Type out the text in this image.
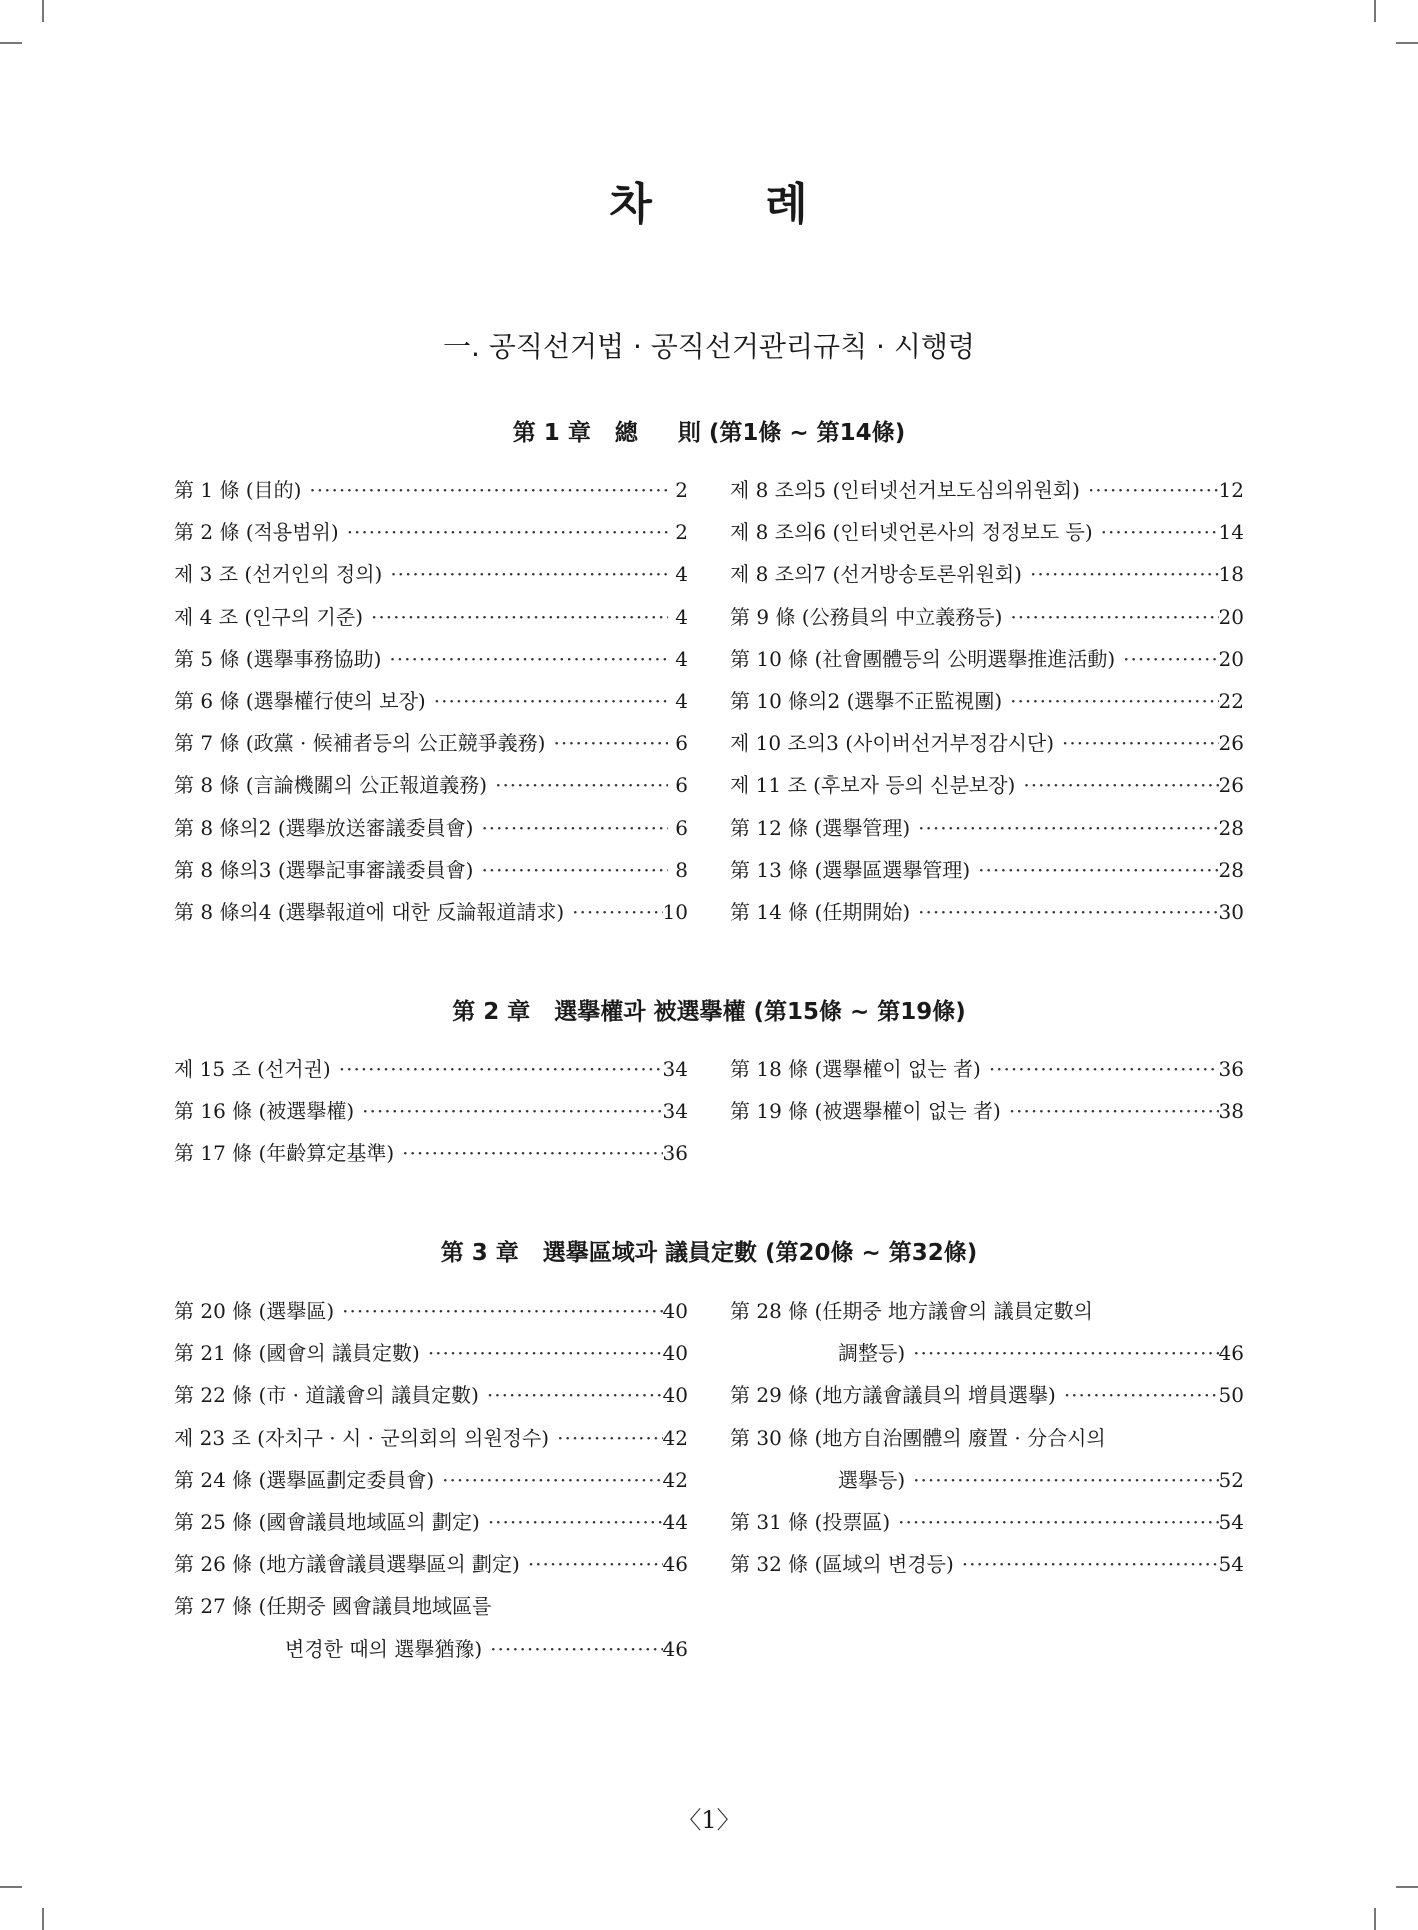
차 례
一. 공직선거법 · 공직선거관리규칙 · 시행령
第 1 章   總     則 (第1條 ~ 第14條)
第 1 條 (目的) ·····	2
第 2 條 (적용범위) ·····	2
제 3 조 (선거인의 정의) ·····	4
제 4 조 (인구의 기준) ·····	4
第 5 條 (選擧事務協助) ·····	4
第 6 條 (選擧權行使의 보장) ·····	4
第 7 條 (政黨 · 候補者등의 公正競爭義務) ·····	6
第 8 條 (言論機關의 公正報道義務) ·····	6
第 8 條의2 (選擧放送審議委員會) ·····	6
第 8 條의3 (選擧記事審議委員會) ·····	8
第 8 條의4 (選擧報道에 대한 反論報道請求) ·····	10
제 8 조의5 (인터넷선거보도심의위원회) ·····	12
제 8 조의6 (인터넷언론사의 정정보도 등) ·····	14
제 8 조의7 (선거방송토론위원회) ·····	18
第 9 條 (公務員의 中立義務등) ·····	20
第 10 條 (社會團體등의 公明選擧推進活動) ·····	20
第 10 條의2 (選擧不正監視團) ·····	22
제 10 조의3 (사이버선거부정감시단) ·····	26
제 11 조 (후보자 등의 신분보장) ·····	26
第 12 條 (選擧管理) ·····	28
第 13 條 (選擧區選擧管理) ·····	28
第 14 條 (任期開始) ·····	30
第 2 章   選擧權과 被選擧權 (第15條 ~ 第19條)
제 15 조 (선거권) ·····	34
第 16 條 (被選擧權) ·····	34
第 17 條 (年齡算定基準) ·····	36
第 18 條 (選擧權이 없는 者) ·····	36
第 19 條 (被選擧權이 없는 者) ·····	38
第 3 章   選擧區域과 議員定數 (第20條 ~ 第32條)
第 20 條 (選擧區) ·····	40
第 21 條 (國會의 議員定數) ·····	40
第 22 條 (市 · 道議會의 議員定數) ·····	40
제 23 조 (자치구 · 시 · 군의회의 의원정수) ·····	42
第 24 條 (選擧區劃定委員會) ·····	42
第 25 條 (國會議員地域區의 劃定) ·····	44
第 26 條 (地方議會議員選擧區의 劃定) ·····	46
第 27 條 (任期중 國會議員地域區를
변경한 때의 選擧猶豫) ·····	46
第 28 條 (任期중 地方議會의 議員定數의
調整등) ·····	46
第 29 條 (地方議會議員의 增員選擧) ·····	50
第 30 條 (地方自治團體의 廢置 · 分合시의
選擧등) ·····	52
第 31 條 (投票區) ·····	54
第 32 條 (區域의 변경등) ·····	54
〈1〉
